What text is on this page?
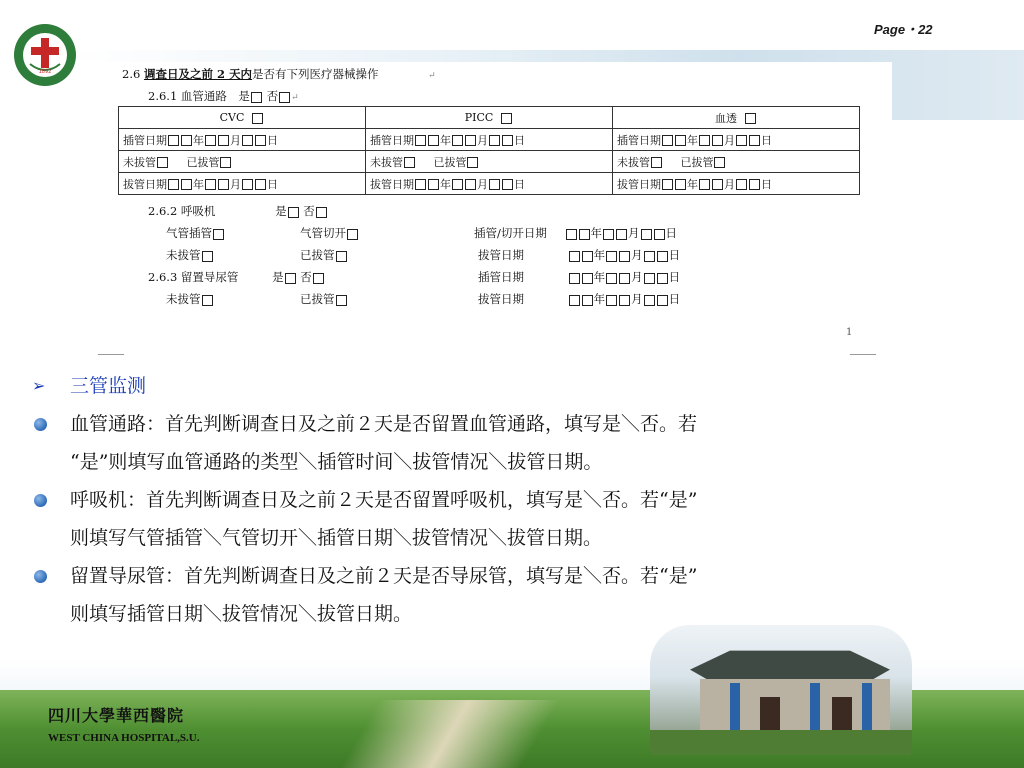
1892
Page・22
2.6 调查日及之前 2 天内是否有下列医疗器械操作	↵
2.6.1 血管通路　是 否 ↵
CVC	PICC	血透
插管日期 年 月 日	插管日期 年 月 日	插管日期 年 月 日
未拔管 已拔管	未拔管 已拔管	未拔管 已拔管
拔管日期 年 月 日	拔管日期 年 月 日	拔管日期 年 月 日
2.6.2 呼吸机	是 否
气管插管	气管切开	插管/切开日期	年 月 日
未拔管	已拔管	拔管日期	年 月 日
2.6.3 留置导尿管	是 否	插管日期	年 月 日
未拔管	已拔管	拔管日期	年 月 日
1
➢ 三管监测
血管通路：首先判断调查日及之前２天是否留置血管通路，填写是＼否。若
“是”则填写血管通路的类型＼插管时间＼拔管情况＼拔管日期。
呼吸机：首先判断调查日及之前２天是否留置呼吸机，填写是＼否。若“是”
则填写气管插管＼气管切开＼插管日期＼拔管情况＼拔管日期。
留置导尿管：首先判断调查日及之前２天是否导尿管，填写是＼否。若“是”
则填写插管日期＼拔管情况＼拔管日期。
四川大學華西醫院
WEST CHINA HOSPITAL,S.U.
